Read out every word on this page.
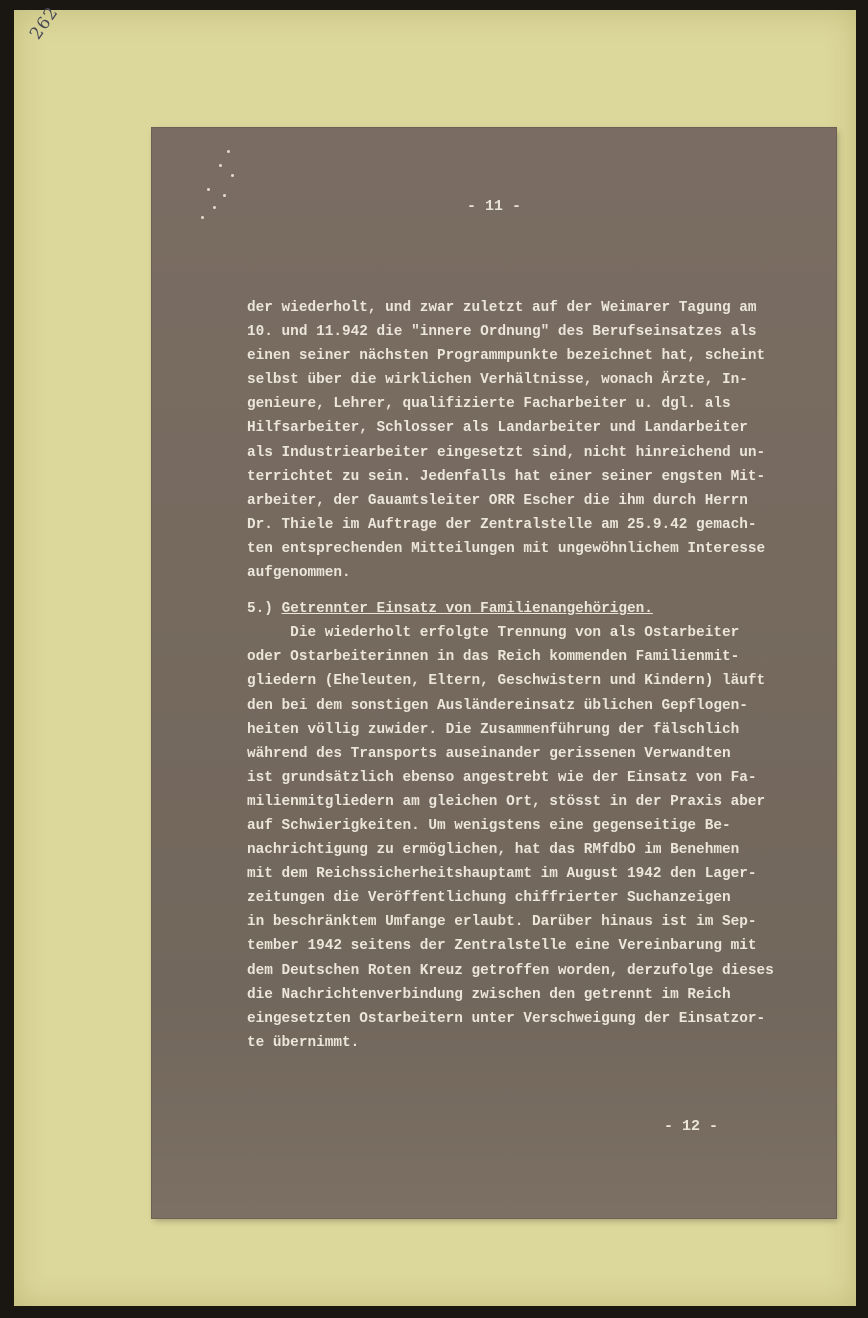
262
- 11 -
der wiederholt, und zwar zuletzt auf der Weimarer Tagung am
10. und 11.942 die "innere Ordnung" des Berufseinsatzes als
einen seiner nächsten Programmpunkte bezeichnet hat, scheint
selbst über die wirklichen Verhältnisse, wonach Ärzte, In-
genieure, Lehrer, qualifizierte Facharbeiter u. dgl. als
Hilfsarbeiter, Schlosser als Landarbeiter und Landarbeiter
als Industriearbeiter eingesetzt sind, nicht hinreichend un-
terrichtet zu sein. Jedenfalls hat einer seiner engsten Mit-
arbeiter, der Gauamtsleiter ORR Escher die ihm durch Herrn
Dr. Thiele im Auftrage der Zentralstelle am 25.9.42 gemach-
ten entsprechenden Mitteilungen mit ungewöhnlichem Interesse
aufgenommen.
5.) Getrennter Einsatz von Familienangehörigen.
Die wiederholt erfolgte Trennung von als Ostarbeiter
oder Ostarbeiterinnen in das Reich kommenden Familienmit-
gliedern (Eheleuten, Eltern, Geschwistern und Kindern) läuft
den bei dem sonstigen Ausländereinsatz üblichen Gepflogen-
heiten völlig zuwider. Die Zusammenführung der fälschlich
während des Transports auseinander gerissenen Verwandten
ist grundsätzlich ebenso angestrebt wie der Einsatz von Fa-
milienmitgliedern am gleichen Ort, stösst in der Praxis aber
auf Schwierigkeiten. Um wenigstens eine gegenseitige Be-
nachrichtigung zu ermöglichen, hat das RMfdbO im Benehmen
mit dem Reichssicherheitshauptamt im August 1942 den Lager-
zeitungen die Veröffentlichung chiffrierter Suchanzeigen
in beschränktem Umfange erlaubt. Darüber hinaus ist im Sep-
tember 1942 seitens der Zentralstelle eine Vereinbarung mit
dem Deutschen Roten Kreuz getroffen worden, derzufolge dieses
die Nachrichtenverbindung zwischen den getrennt im Reich
eingesetzten Ostarbeitern unter Verschweigung der Einsatzor-
te übernimmt.
- 12 -
